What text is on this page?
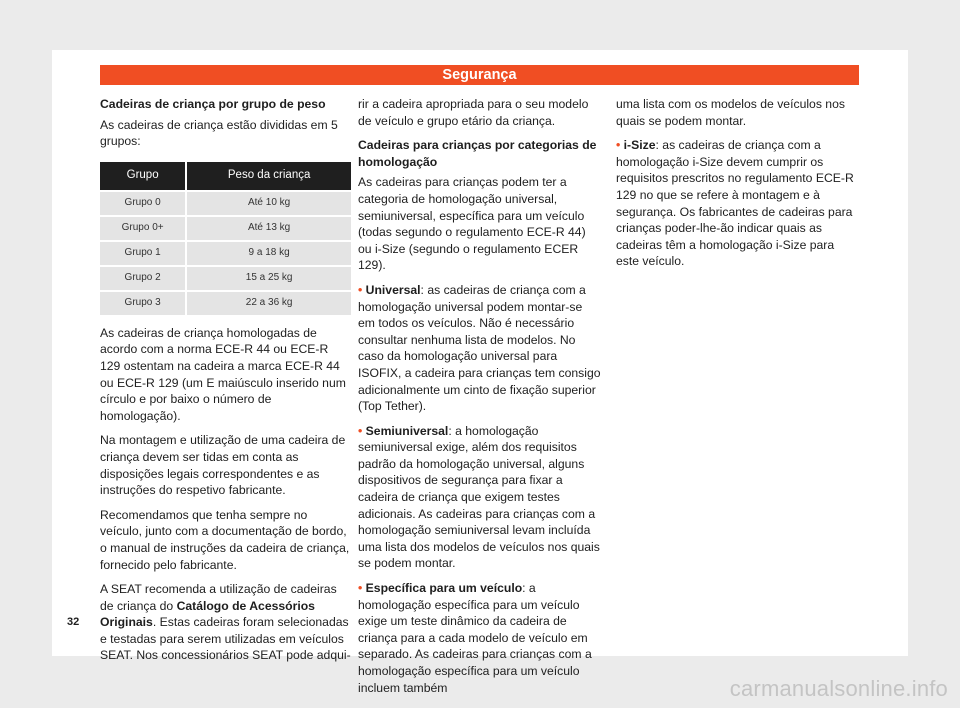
Segurança
Cadeiras de criança por grupo de peso

As cadeiras de criança estão divididas em 5 grupos:

Grupo		Peso da criança
Grupo 0		Até 10 kg
Grupo 0+		Até 13 kg
Grupo 1		9 a 18 kg
Grupo 2		15 a 25 kg
Grupo 3		22 a 36 kg

As cadeiras de criança homologadas de acordo com a norma ECE-R 44 ou ECE-R 129 ostentam na cadeira a marca ECE-R 44 ou ECE-R 129 (um E maiúsculo inserido num círculo e por baixo o número de homologação).

Na montagem e utilização de uma cadeira de criança devem ser tidas em conta as disposições legais correspondentes e as instruções do respetivo fabricante.

Recomendamos que tenha sempre no veículo, junto com a documentação de bordo, o manual de instruções da cadeira de criança, fornecido pelo fabricante.

A SEAT recomenda a utilização de cadeiras de criança do Catálogo de Acessórios Originais. Estas cadeiras foram selecionadas e testadas para serem utilizadas em veículos SEAT. Nos concessionários SEAT pode adqui-

rir a cadeira apropriada para o seu modelo de veículo e grupo etário da criança.

Cadeiras para crianças por categorias de homologação

As cadeiras para crianças podem ter a categoria de homologação universal, semiuniversal, específica para um veículo (todas segundo o regulamento ECE-R 44) ou i-Size (segundo o regulamento ECER 129).

• Universal: as cadeiras de criança com a homologação universal podem montar-se em todos os veículos. Não é necessário consultar nenhuma lista de modelos. No caso da homologação universal para ISOFIX, a cadeira para crianças tem consigo adicionalmente um cinto de fixação superior (Top Tether).

• Semiuniversal: a homologação semiuniversal exige, além dos requisitos padrão da homologação universal, alguns dispositivos de segurança para fixar a cadeira de criança que exigem testes adicionais. As cadeiras para crianças com a homologação semiuniversal levam incluída uma lista dos modelos de veículos nos quais se podem montar.

• Específica para um veículo: a homologação específica para um veículo exige um teste dinâmico da cadeira de criança para a cada modelo de veículo em separado. As cadeiras para crianças com a homologação específica para um veículo incluem também

uma lista com os modelos de veículos nos quais se podem montar.

• i-Size: as cadeiras de criança com a homologação i-Size devem cumprir os requisitos prescritos no regulamento ECE-R 129 no que se refere à montagem e à segurança. Os fabricantes de cadeiras para crianças poder-lhe-ão indicar quais as cadeiras têm a homologação i-Size para este veículo.

32
carmanualsonline.info
